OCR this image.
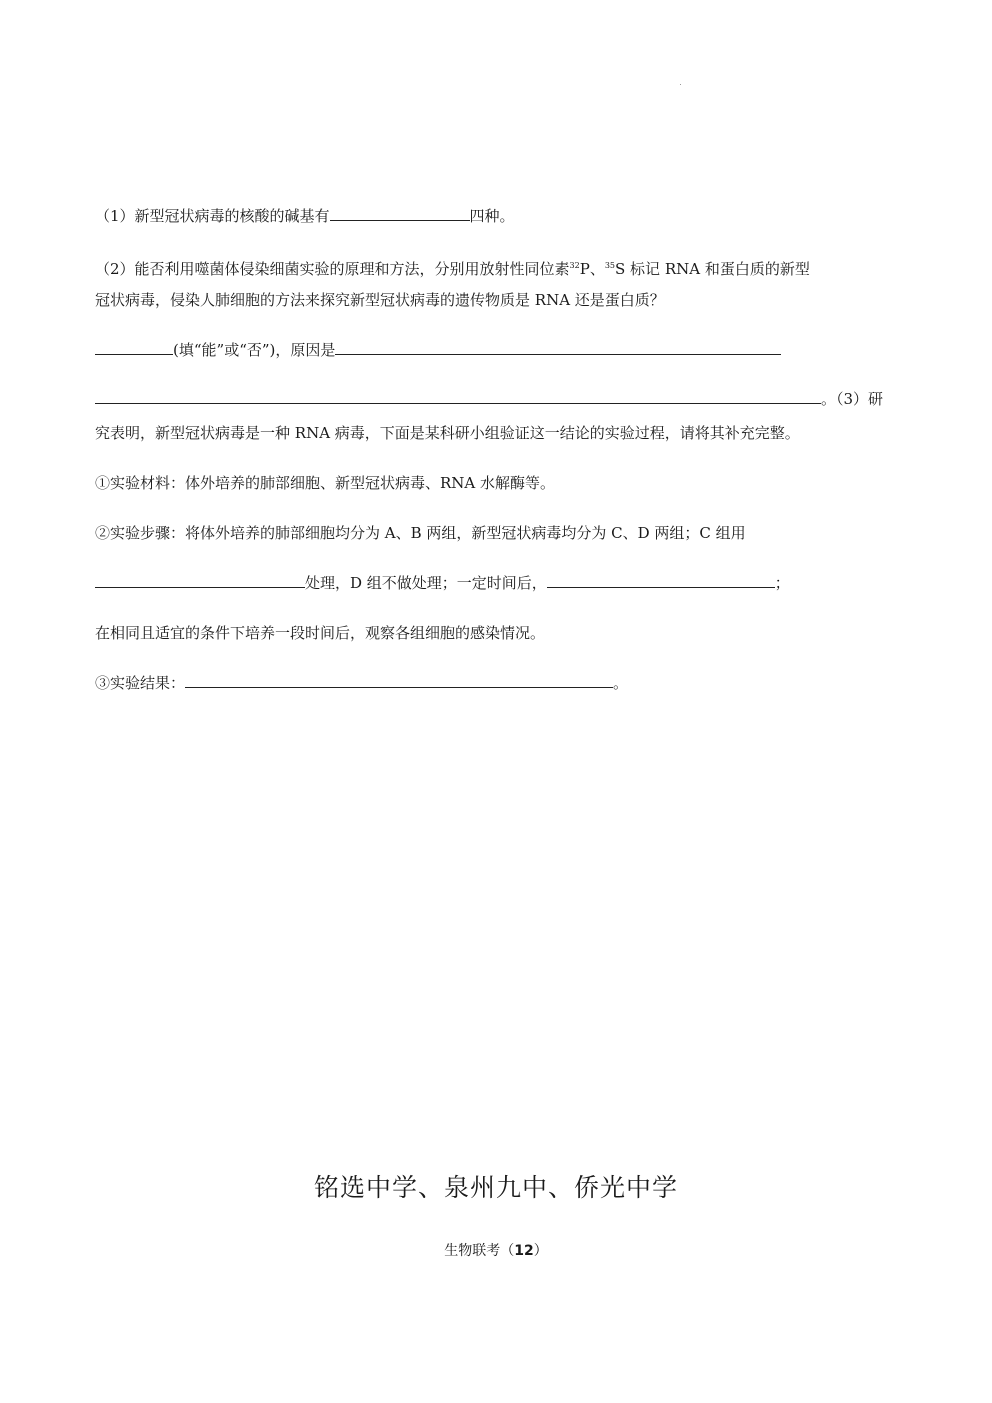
（1）新型冠状病毒的核酸的碱基有	四种。
（2）能否利用噬菌体侵染细菌实验的原理和方法，分别用放射性同位素$^{32}$P、$^{35}$S 标记 RNA 和蛋白质的新型
冠状病毒，侵染人肺细胞的方法来探究新型冠状病毒的遗传物质是 RNA 还是蛋白质？
(填“能”或“否”)，原因是
。（3）研
究表明，新型冠状病毒是一种 RNA 病毒，下面是某科研小组验证这一结论的实验过程，请将其补充完整。
①实验材料：体外培养的肺部细胞、新型冠状病毒、RNA 水解酶等。
②实验步骤：将体外培养的肺部细胞均分为 A、B 两组，新型冠状病毒均分为 C、D 两组；C 组用
处理，D 组不做处理；一定时间后，	；
在相同且适宜的条件下培养一段时间后，观察各组细胞的感染情况。
③实验结果：	。
铭选中学、泉州九中、侨光中学
生物联考（12）
